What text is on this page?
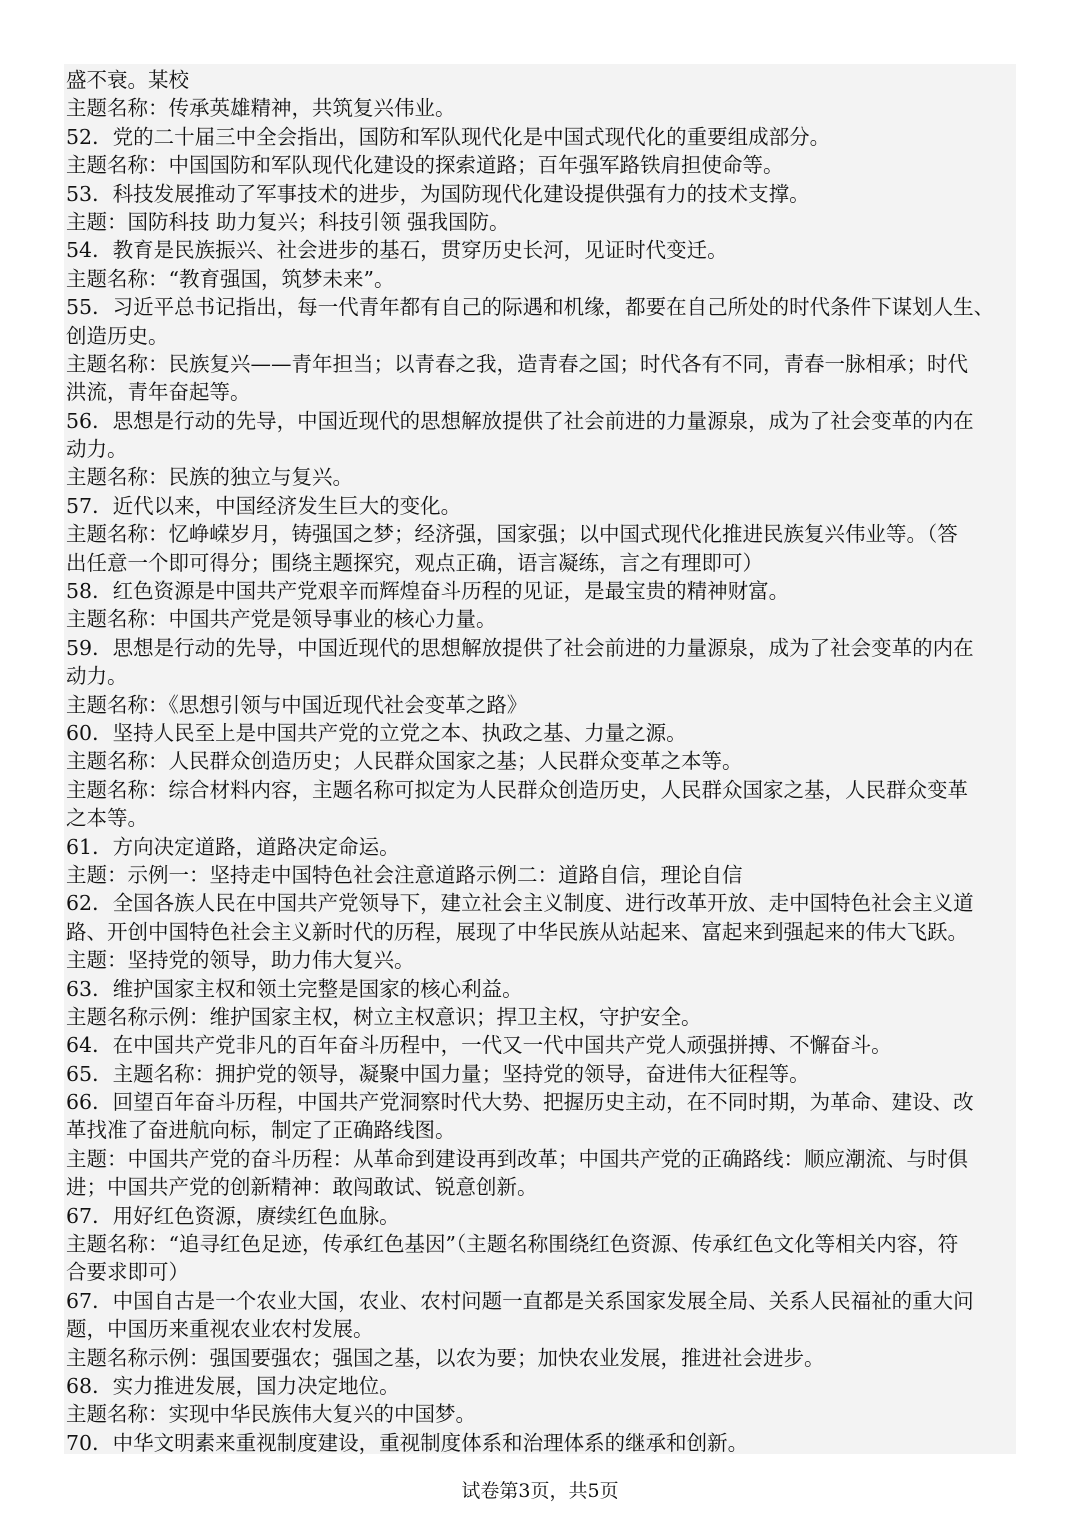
盛不衰。某校
主题名称：传承英雄精神，共筑复兴伟业。
52．党的二十届三中全会指出，国防和军队现代化是中国式现代化的重要组成部分。
主题名称：中国国防和军队现代化建设的探索道路；百年强军路铁肩担使命等。
53．科技发展推动了军事技术的进步，为国防现代化建设提供强有力的技术支撑。
主题：国防科技 助力复兴；科技引领 强我国防。
54．教育是民族振兴、社会进步的基石，贯穿历史长河，见证时代变迁。
主题名称：“教育强国，筑梦未来”。
55．习近平总书记指出，每一代青年都有自己的际遇和机缘，都要在自己所处的时代条件下谋划人生、
创造历史。
主题名称：民族复兴——青年担当；以青春之我，造青春之国；时代各有不同，青春一脉相承；时代
洪流，青年奋起等。
56．思想是行动的先导，中国近现代的思想解放提供了社会前进的力量源泉，成为了社会变革的内在
动力。
主题名称：民族的独立与复兴。
57．近代以来，中国经济发生巨大的变化。
主题名称：忆峥嵘岁月，铸强国之梦；经济强，国家强；以中国式现代化推进民族复兴伟业等。（答
出任意一个即可得分；围绕主题探究，观点正确，语言凝练，言之有理即可）
58．红色资源是中国共产党艰辛而辉煌奋斗历程的见证，是最宝贵的精神财富。
主题名称：中国共产党是领导事业的核心力量。
59．思想是行动的先导，中国近现代的思想解放提供了社会前进的力量源泉，成为了社会变革的内在
动力。
主题名称：《思想引领与中国近现代社会变革之路》
60．坚持人民至上是中国共产党的立党之本、执政之基、力量之源。
主题名称：人民群众创造历史；人民群众国家之基；人民群众变革之本等。
主题名称：综合材料内容，主题名称可拟定为人民群众创造历史，人民群众国家之基，人民群众变革
之本等。
61．方向决定道路，道路决定命运。
主题：示例一：坚持走中国特色社会注意道路示例二：道路自信，理论自信
62．全国各族人民在中国共产党领导下，建立社会主义制度、进行改革开放、走中国特色社会主义道
路、开创中国特色社会主义新时代的历程，展现了中华民族从站起来、富起来到强起来的伟大飞跃。
主题：坚持党的领导，助力伟大复兴。
63．维护国家主权和领土完整是国家的核心利益。
主题名称示例：维护国家主权，树立主权意识；捍卫主权，守护安全。
64．在中国共产党非凡的百年奋斗历程中，一代又一代中国共产党人顽强拼搏、不懈奋斗。
65．主题名称：拥护党的领导，凝聚中国力量；坚持党的领导，奋进伟大征程等。
66．回望百年奋斗历程，中国共产党洞察时代大势、把握历史主动，在不同时期，为革命、建设、改
革找准了奋进航向标，制定了正确路线图。
主题：中国共产党的奋斗历程：从革命到建设再到改革；中国共产党的正确路线：顺应潮流、与时俱
进；中国共产党的创新精神：敢闯敢试、锐意创新。
67．用好红色资源，赓续红色血脉。
主题名称：“追寻红色足迹，传承红色基因”（主题名称围绕红色资源、传承红色文化等相关内容，符
合要求即可）
67．中国自古是一个农业大国，农业、农村问题一直都是关系国家发展全局、关系人民福祉的重大问
题，中国历来重视农业农村发展。
主题名称示例：强国要强农；强国之基，以农为要；加快农业发展，推进社会进步。
68．实力推进发展，国力决定地位。
主题名称：实现中华民族伟大复兴的中国梦。
70．中华文明素来重视制度建设，重视制度体系和治理体系的继承和创新。
试卷第3页，共5页
